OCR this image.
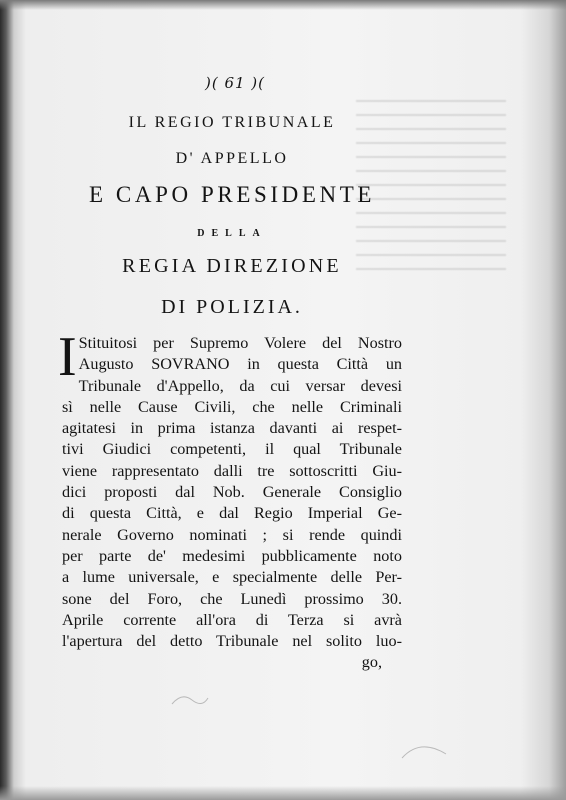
)( 61 )(
IL REGIO TRIBUNALE
D' APPELLO
E CAPO PRESIDENTE
DELLA
REGIA DIREZIONE
DI POLIZIA.
I Stituitosi per Supremo Volere del Nostro
Augusto SOVRANO in questa Città un
Tribunale d'Appello, da cui versar devesi
sì nelle Cause Civili, che nelle Criminali
agitatesi in prima istanza davanti ai respet-
tivi Giudici competenti, il qual Tribunale
viene rappresentato dalli tre sottoscritti Giu-
dici proposti dal Nob. Generale Consiglio
di questa Città, e dal Regio Imperial Ge-
nerale Governo nominati ; si rende quindi
per parte de' medesimi pubblicamente noto
a lume universale, e specialmente delle Per-
sone del Foro, che Lunedì prossimo 30.
Aprile corrente all'ora di Terza si avrà
l'apertura del detto Tribunale nel solito luo-
go,
